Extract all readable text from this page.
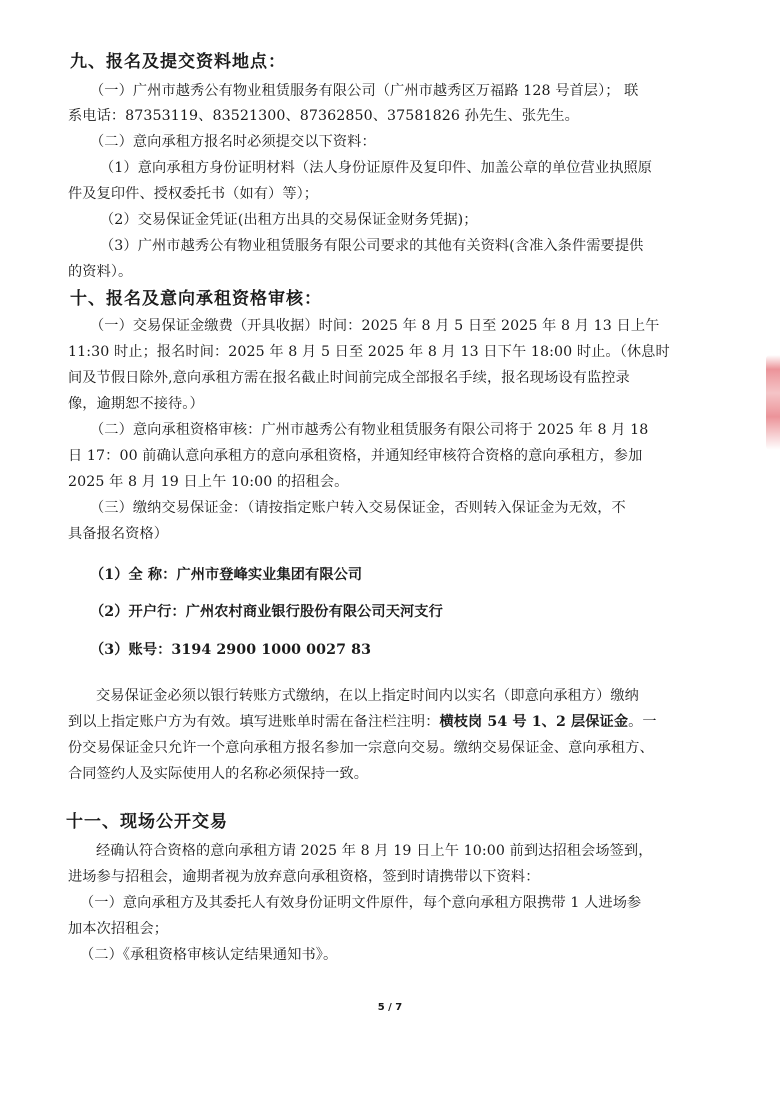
九、报名及提交资料地点：
（一）广州市越秀公有物业租赁服务有限公司（广州市越秀区万福路 128 号首层）； 联
系电话：87353119、83521300、87362850、37581826 孙先生、张先生。
（二）意向承租方报名时必须提交以下资料：
（1）意向承租方身份证明材料（法人身份证原件及复印件、加盖公章的单位营业执照原
件及复印件、授权委托书（如有）等）；
（2）交易保证金凭证(出租方出具的交易保证金财务凭据)；
（3）广州市越秀公有物业租赁服务有限公司要求的其他有关资料(含准入条件需要提供
的资料）。
十、报名及意向承租资格审核：
（一）交易保证金缴费（开具收据）时间：2025 年 8 月 5 日至 2025 年 8 月 13 日上午
11:30 时止；报名时间：2025 年 8 月 5 日至 2025 年 8 月 13 日下午 18:00 时止。（休息时
间及节假日除外,意向承租方需在报名截止时间前完成全部报名手续，报名现场设有监控录
像，逾期恕不接待。）
（二）意向承租资格审核：广州市越秀公有物业租赁服务有限公司将于 2025 年 8 月 18
日 17：00 前确认意向承租方的意向承租资格，并通知经审核符合资格的意向承租方，参加
2025 年 8 月 19 日上午 10:00 的招租会。
（三）缴纳交易保证金：（请按指定账户转入交易保证金，否则转入保证金为无效，不
具备报名资格）
（1）全 称：广州市登峰实业集团有限公司
（2）开户行：广州农村商业银行股份有限公司天河支行
（3）账号：3194 2900 1000 0027 83
交易保证金必须以银行转账方式缴纳，在以上指定时间内以实名（即意向承租方）缴纳
到以上指定账户方为有效。填写进账单时需在备注栏注明：横枝岗 54 号 1、2 层保证金。一
份交易保证金只允许一个意向承租方报名参加一宗意向交易。缴纳交易保证金、意向承租方、
合同签约人及实际使用人的名称必须保持一致。
十一、现场公开交易
经确认符合资格的意向承租方请 2025 年 8 月 19 日上午 10:00 前到达招租会场签到，
进场参与招租会，逾期者视为放弃意向承租资格，签到时请携带以下资料：
（一）意向承租方及其委托人有效身份证明文件原件，每个意向承租方限携带 1 人进场参
加本次招租会；
（二）《承租资格审核认定结果通知书》。
5 / 7
